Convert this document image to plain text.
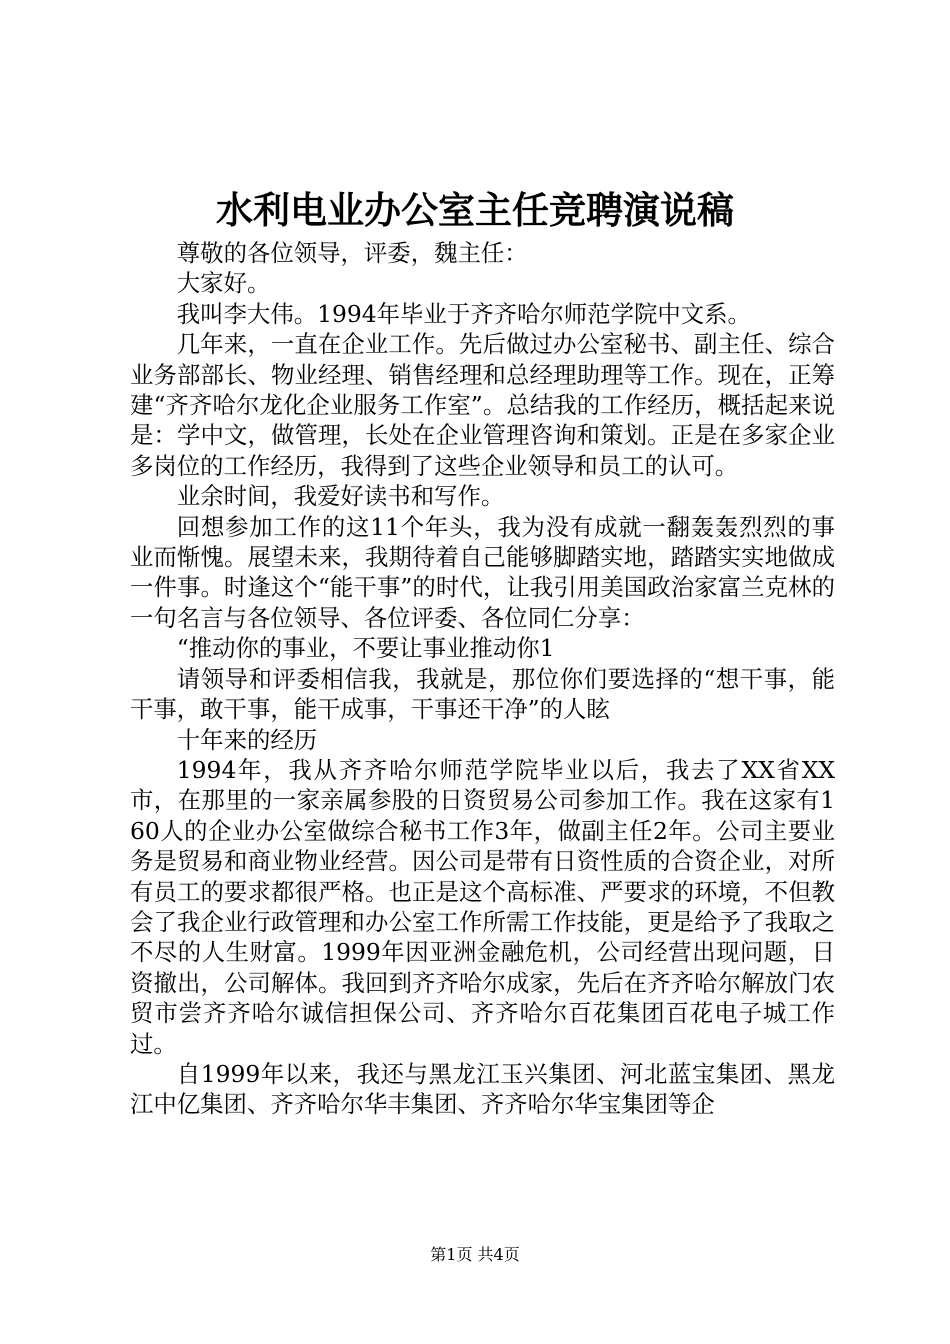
水利电业办公室主任竞聘演说稿

尊敬的各位领导，评委，魏主任：

大家好。

我叫李大伟。1994年毕业于齐齐哈尔师范学院中文系。

几年来，一直在企业工作。先后做过办公室秘书、副主任、综合业务部部长、物业经理、销售经理和总经理助理等工作。现在，正筹建“齐齐哈尔龙化企业服务工作室”。总结我的工作经历，概括起来说是：学中文，做管理，长处在企业管理咨询和策划。正是在多家企业多岗位的工作经历，我得到了这些企业领导和员工的认可。

业余时间，我爱好读书和写作。

回想参加工作的这11个年头，我为没有成就一翻轰轰烈烈的事业而惭愧。展望未来，我期待着自己能够脚踏实地，踏踏实实地做成一件事。时逢这个“能干事”的时代，让我引用美国政治家富兰克林的一句名言与各位领导、各位评委、各位同仁分享：

“推动你的事业，不要让事业推动你1

请领导和评委相信我，我就是，那位你们要选择的“想干事，能干事，敢干事，能干成事，干事还干净”的人眩

十年来的经历

1994年，我从齐齐哈尔师范学院毕业以后，我去了XX省XX市，在那里的一家亲属参股的日资贸易公司参加工作。我在这家有160人的企业办公室做综合秘书工作3年，做副主任2年。公司主要业务是贸易和商业物业经营。因公司是带有日资性质的合资企业，对所有员工的要求都很严格。也正是这个高标准、严要求的环境，不但教会了我企业行政管理和办公室工作所需工作技能，更是给予了我取之不尽的人生财富。1999年因亚洲金融危机，公司经营出现问题，日资撤出，公司解体。我回到齐齐哈尔成家，先后在齐齐哈尔解放门农贸市尝齐齐哈尔诚信担保公司、齐齐哈尔百花集团百花电子城工作过。

自1999年以来，我还与黑龙江玉兴集团、河北蓝宝集团、黑龙江中亿集团、齐齐哈尔华丰集团、齐齐哈尔华宝集团等企

第1页 共4页
